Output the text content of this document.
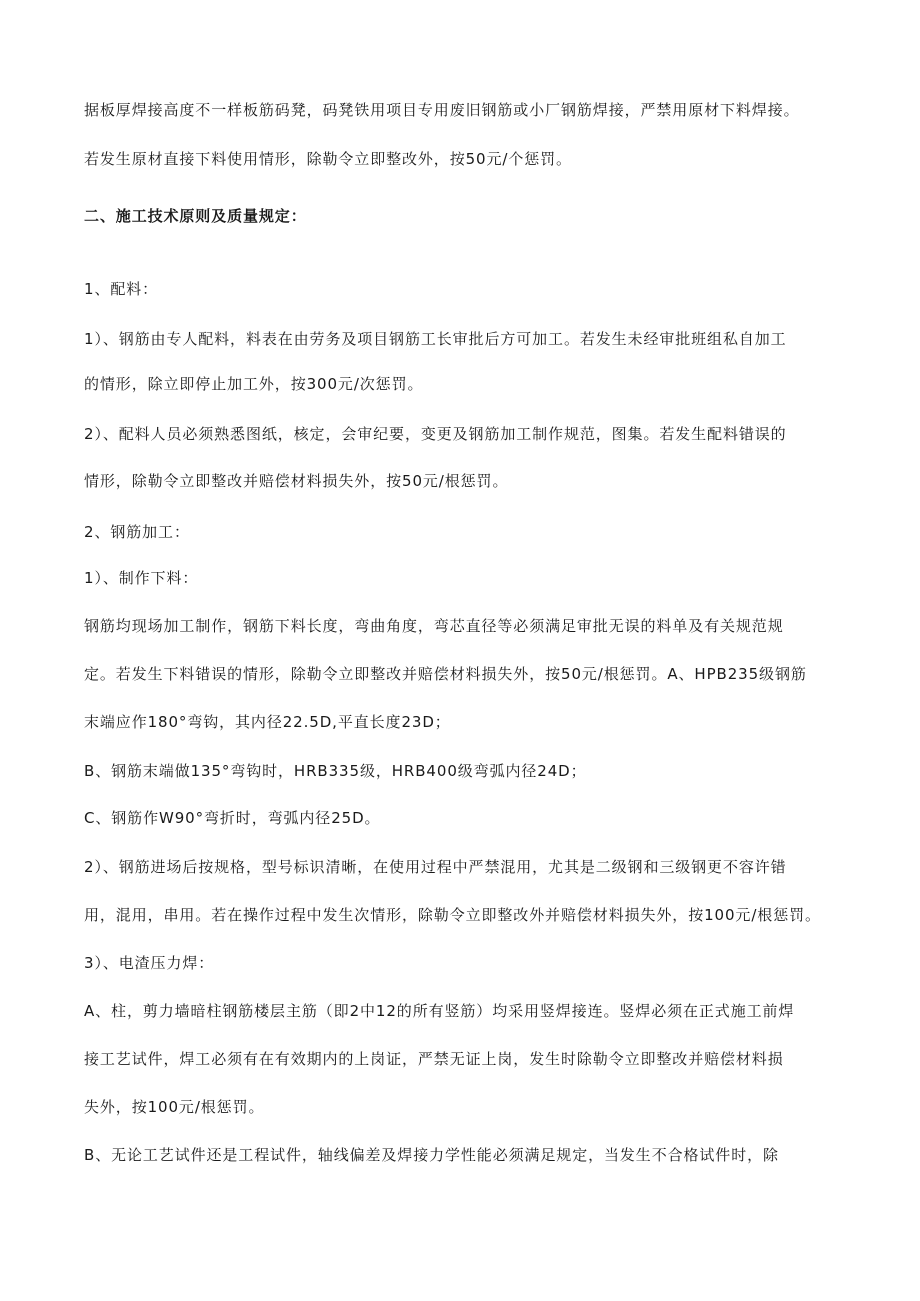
据板厚焊接高度不一样板筋码凳，码凳铁用项目专用废旧钢筋或小厂钢筋焊接，严禁用原材下料焊接。
若发生原材直接下料使用情形，除勒令立即整改外，按50元/个惩罚。
二、施工技术原则及质量规定：
1、配料：
1）、钢筋由专人配料，料表在由劳务及项目钢筋工长审批后方可加工。若发生未经审批班组私自加工
的情形，除立即停止加工外，按300元/次惩罚。
2）、配料人员必须熟悉图纸，核定，会审纪要，变更及钢筋加工制作规范，图集。若发生配料错误的
情形，除勒令立即整改并赔偿材料损失外，按50元/根惩罚。
2、钢筋加工：
1）、制作下料：
钢筋均现场加工制作，钢筋下料长度，弯曲角度，弯芯直径等必须满足审批无误的料单及有关规范规
定。若发生下料错误的情形，除勒令立即整改并赔偿材料损失外，按50元/根惩罚。A、HPB235级钢筋
末端应作180°弯钩，其内径22.5D,平直长度23D；
B、钢筋末端做135°弯钩时，HRB335级，HRB400级弯弧内径24D；
C、钢筋作W90°弯折时，弯弧内径25D。
2）、钢筋进场后按规格，型号标识清晰，在使用过程中严禁混用，尤其是二级钢和三级钢更不容许错
用，混用，串用。若在操作过程中发生次情形，除勒令立即整改外并赔偿材料损失外，按100元/根惩罚。
3）、电渣压力焊：
A、柱，剪力墙暗柱钢筋楼层主筋（即2中12的所有竖筋）均采用竖焊接连。竖焊必须在正式施工前焊
接工艺试件，焊工必须有在有效期内的上岗证，严禁无证上岗，发生时除勒令立即整改并赔偿材料损
失外，按100元/根惩罚。
B、无论工艺试件还是工程试件，轴线偏差及焊接力学性能必须满足规定，当发生不合格试件时，除
